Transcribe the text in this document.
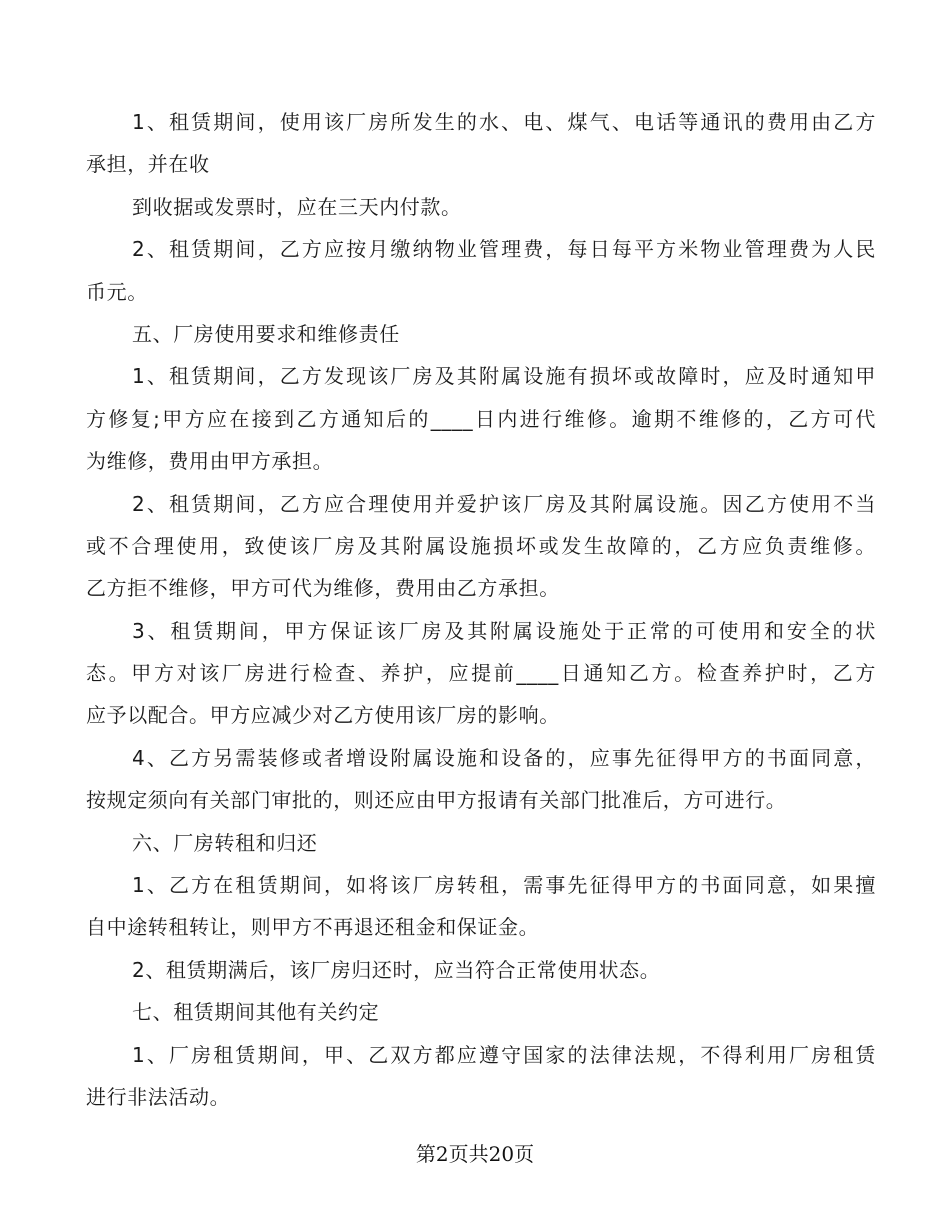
1、租赁期间，使用该厂房所发生的水、电、煤气、电话等通讯的费用由乙方
承担，并在收
到收据或发票时，应在三天内付款。
2、租赁期间，乙方应按月缴纳物业管理费，每日每平方米物业管理费为人民
币元。
五、厂房使用要求和维修责任
1、租赁期间，乙方发现该厂房及其附属设施有损坏或故障时，应及时通知甲
方修复;甲方应在接到乙方通知后的____日内进行维修。逾期不维修的，乙方可代
为维修，费用由甲方承担。
2、租赁期间，乙方应合理使用并爱护该厂房及其附属设施。因乙方使用不当
或不合理使用，致使该厂房及其附属设施损坏或发生故障的，乙方应负责维修。
乙方拒不维修，甲方可代为维修，费用由乙方承担。
3、租赁期间，甲方保证该厂房及其附属设施处于正常的可使用和安全的状
态。甲方对该厂房进行检查、养护，应提前____日通知乙方。检查养护时，乙方
应予以配合。甲方应减少对乙方使用该厂房的影响。
4、乙方另需装修或者增设附属设施和设备的，应事先征得甲方的书面同意，
按规定须向有关部门审批的，则还应由甲方报请有关部门批准后，方可进行。
六、厂房转租和归还
1、乙方在租赁期间，如将该厂房转租，需事先征得甲方的书面同意，如果擅
自中途转租转让，则甲方不再退还租金和保证金。
2、租赁期满后，该厂房归还时，应当符合正常使用状态。
七、租赁期间其他有关约定
1、厂房租赁期间，甲、乙双方都应遵守国家的法律法规，不得利用厂房租赁
进行非法活动。
第2页共20页
